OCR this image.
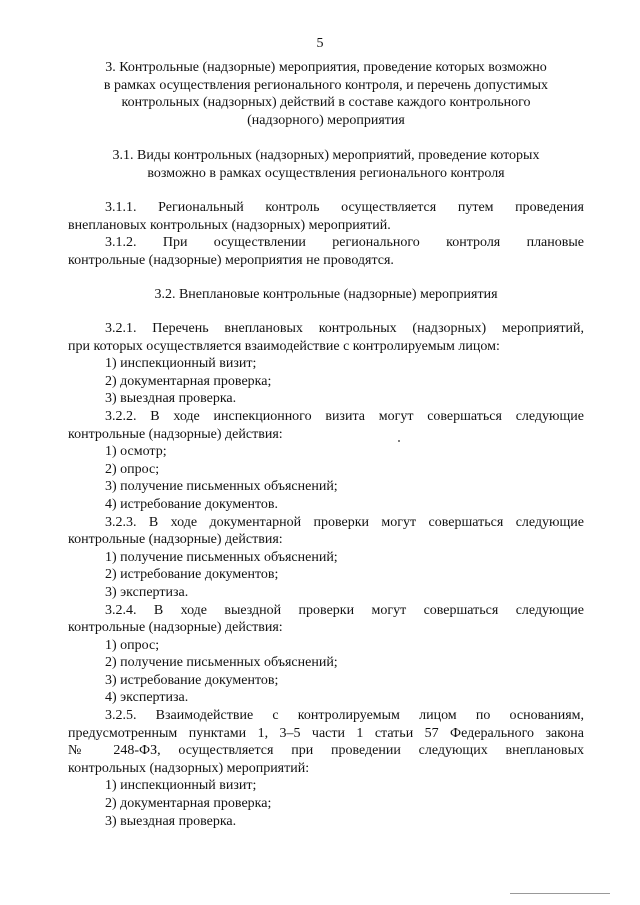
5

3. Контрольные (надзорные) мероприятия, проведение которых возможно

в рамках осуществления регионального контроля, и перечень допустимых

контрольных (надзорных) действий в составе каждого контрольного

(надзорного) мероприятия

3.1. Виды контрольных (надзорных) мероприятий, проведение которых

возможно в рамках осуществления регионального контроля

3.1.1. Региональный контроль осуществляется путем проведения

внеплановых контрольных (надзорных) мероприятий.

3.1.2. При осуществлении регионального контроля плановые

контрольные (надзорные) мероприятия не проводятся.

3.2. Внеплановые контрольные (надзорные) мероприятия

3.2.1. Перечень внеплановых контрольных (надзорных) мероприятий,

при которых осуществляется взаимодействие с контролируемым лицом:

1) инспекционный визит;

2) документарная проверка;

3) выездная проверка.

3.2.2. В ходе инспекционного визита могут совершаться следующие

контрольные (надзорные) действия:

1) осмотр;

2) опрос;

3) получение письменных объяснений;

4) истребование документов.

3.2.3. В ходе документарной проверки могут совершаться следующие

контрольные (надзорные) действия:

1) получение письменных объяснений;

2) истребование документов;

3) экспертиза.

3.2.4. В ходе выездной проверки могут совершаться следующие

контрольные (надзорные) действия:

1) опрос;

2) получение письменных объяснений;

3) истребование документов;

4) экспертиза.

3.2.5. Взаимодействие с контролируемым лицом по основаниям,

предусмотренным пунктами 1, 3–5 части 1 статьи 57 Федерального закона

№ 248-ФЗ, осуществляется при проведении следующих внеплановых

контрольных (надзорных) мероприятий:

1) инспекционный визит;

2) документарная проверка;

3) выездная проверка.
